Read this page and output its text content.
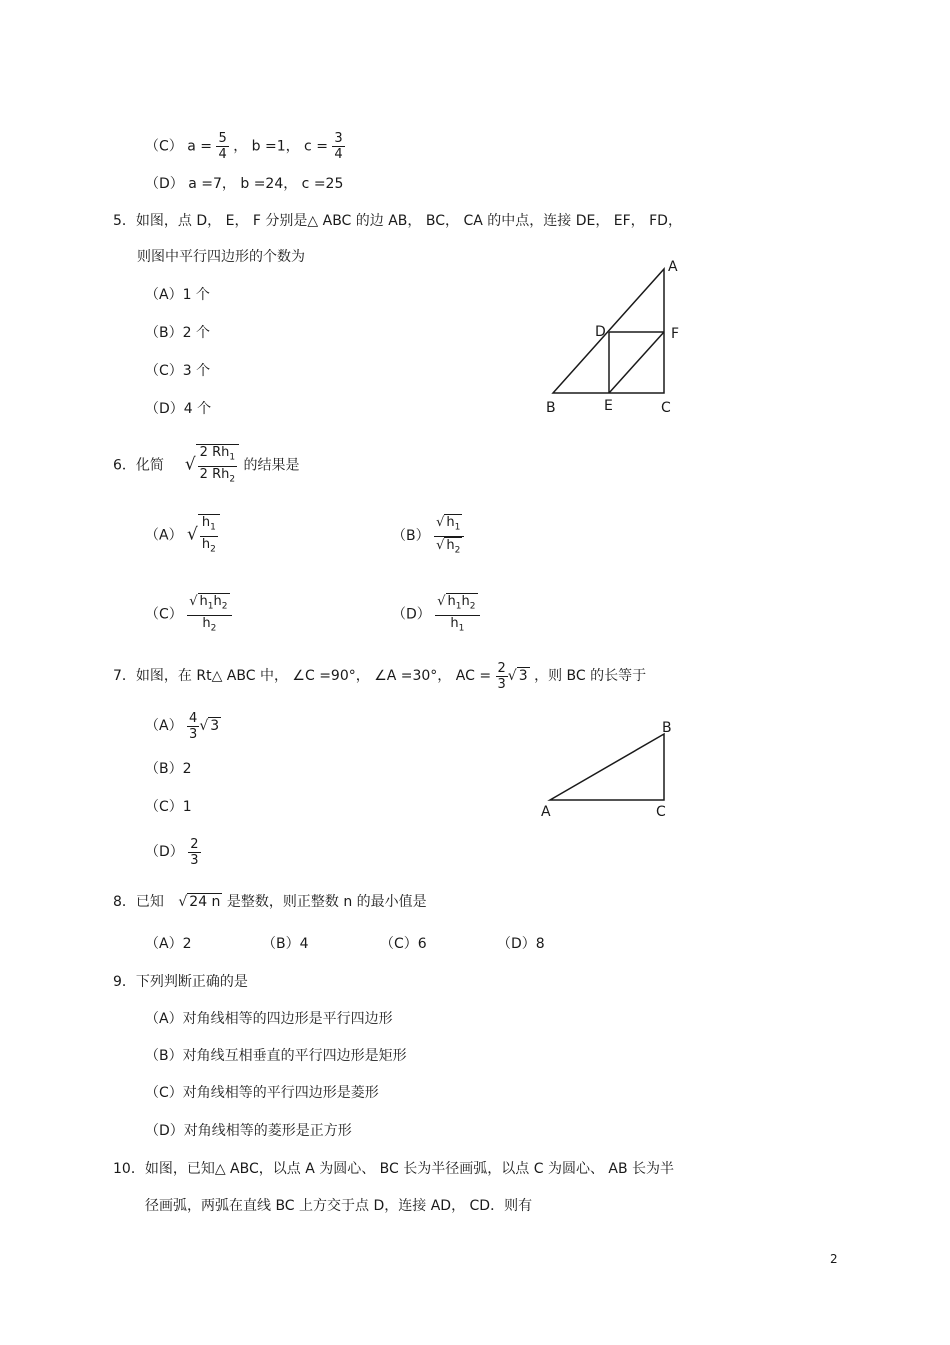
（C） $a = \frac{5}{4}$ ， b =1， $c = \frac{3}{4}$
（D） a =7， b =24， c =25
5．如图，点 D， E， F 分别是△ ABC 的边 AB， BC， CA 的中点，连接 DE， EF， FD，
则图中平行四边形的个数为
（A）1 个
（B）2 个
（C）3 个
（D）4 个
A
D	F
B	E	C
6．化简 √ $\frac{2 Rh_1}{2 Rh_2}$ 的结果是
（A） √ $\frac{h_1}{h_2}$	$(B) \frac{√ h_1}{√ h_2}$
$(C) \frac{√ h_1h_2}{h_2}$	$(D) \frac{√ h_1h_2}{h_1}$
7．如图，在 Rt△ ABC 中， ∠C =90°， ∠A =30°， AC = $\frac{2}{3}$ √ 3 ，则 BC 的长等于
$(A) \frac{4}{3}$ √ 3
（B）2
（C）1
$(D) \frac{2}{3}$
B
A	C
8．已知 √ 24 n 是整数，则正整数 n 的最小值是
（A）2	（B）4	（C）6	（D）8
9．下列判断正确的是
（A）对角线相等的四边形是平行四边形
（B）对角线互相垂直的平行四边形是矩形
（C）对角线相等的平行四边形是菱形
（D）对角线相等的菱形是正方形
10．如图，已知△ ABC，以点 A 为圆心、 BC 长为半径画弧，以点 C 为圆心、 AB 长为半
径画弧，两弧在直线 BC 上方交于点 D，连接 AD， CD．则有
2
